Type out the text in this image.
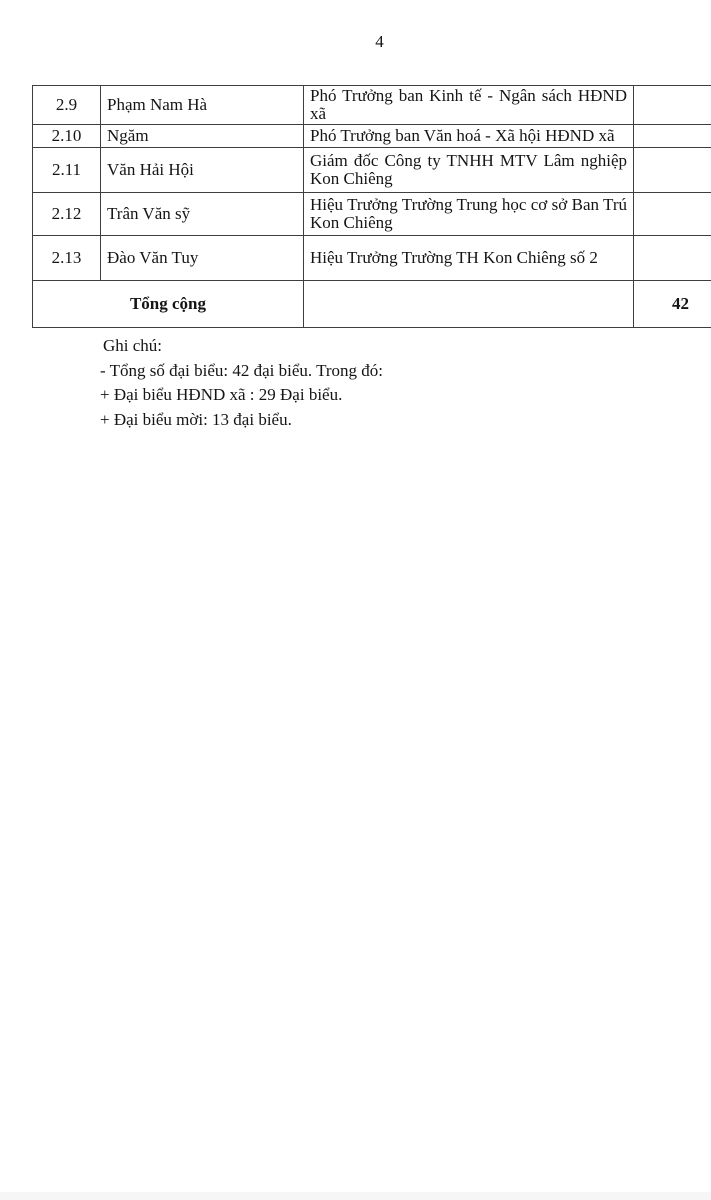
4
2.9	Phạm Nam Hà	Phó Trưởng ban Kinh tế - Ngân sách HĐND xã	
2.10	Ngăm	Phó Trưởng ban Văn hoá - Xã hội HĐND xã	
2.11	Văn Hải Hội	Giám đốc Công ty TNHH MTV Lâm nghiệp Kon Chiêng	
2.12	Trân Văn sỹ	Hiệu Trưởng Trường Trung học cơ sở Ban Trú Kon Chiêng	
2.13	Đào Văn Tuy	Hiệu Trưởng Trường TH Kon Chiêng số 2	
Tổng cộng			42
Ghi chú:
- Tổng số đại biểu: 42 đại biểu. Trong đó:
+ Đại biểu HĐND xã : 29 Đại biểu.
+ Đại biểu mời: 13 đại biểu.
